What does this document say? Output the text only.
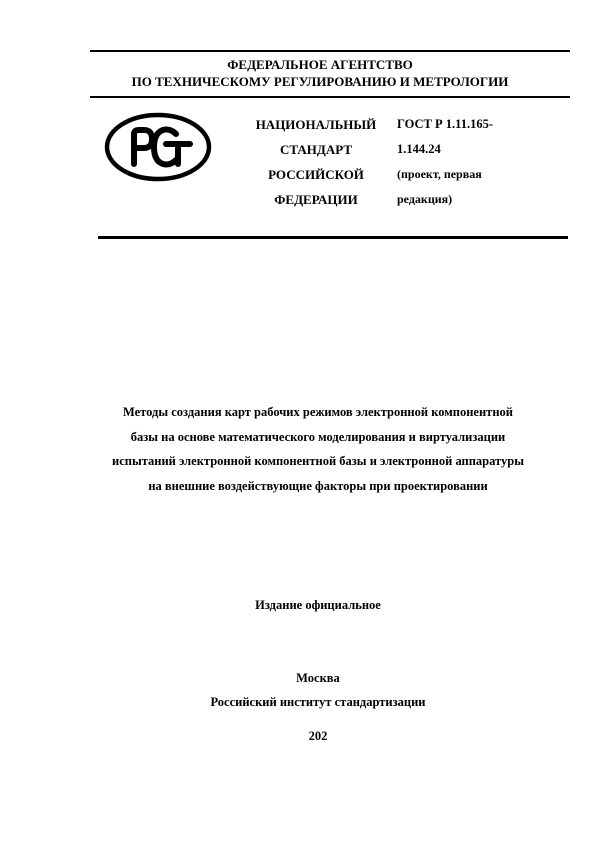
ФЕДЕРАЛЬНОЕ АГЕНТСТВО
ПО ТЕХНИЧЕСКОМУ РЕГУЛИРОВАНИЮ И МЕТРОЛОГИИ
НАЦИОНАЛЬНЫЙ
СТАНДАРТ
РОССИЙСКОЙ
ФЕДЕРАЦИИ
ГОСТ Р 1.11.165-
1.144.24
(проект, первая
редакция)
Методы создания карт рабочих режимов электронной компонентной
базы на основе математического моделирования и виртуализации
испытаний электронной компонентной базы и электронной аппаратуры
на внешние воздействующие факторы при проектировании
Издание официальное
Москва
Российский институт стандартизации
202
